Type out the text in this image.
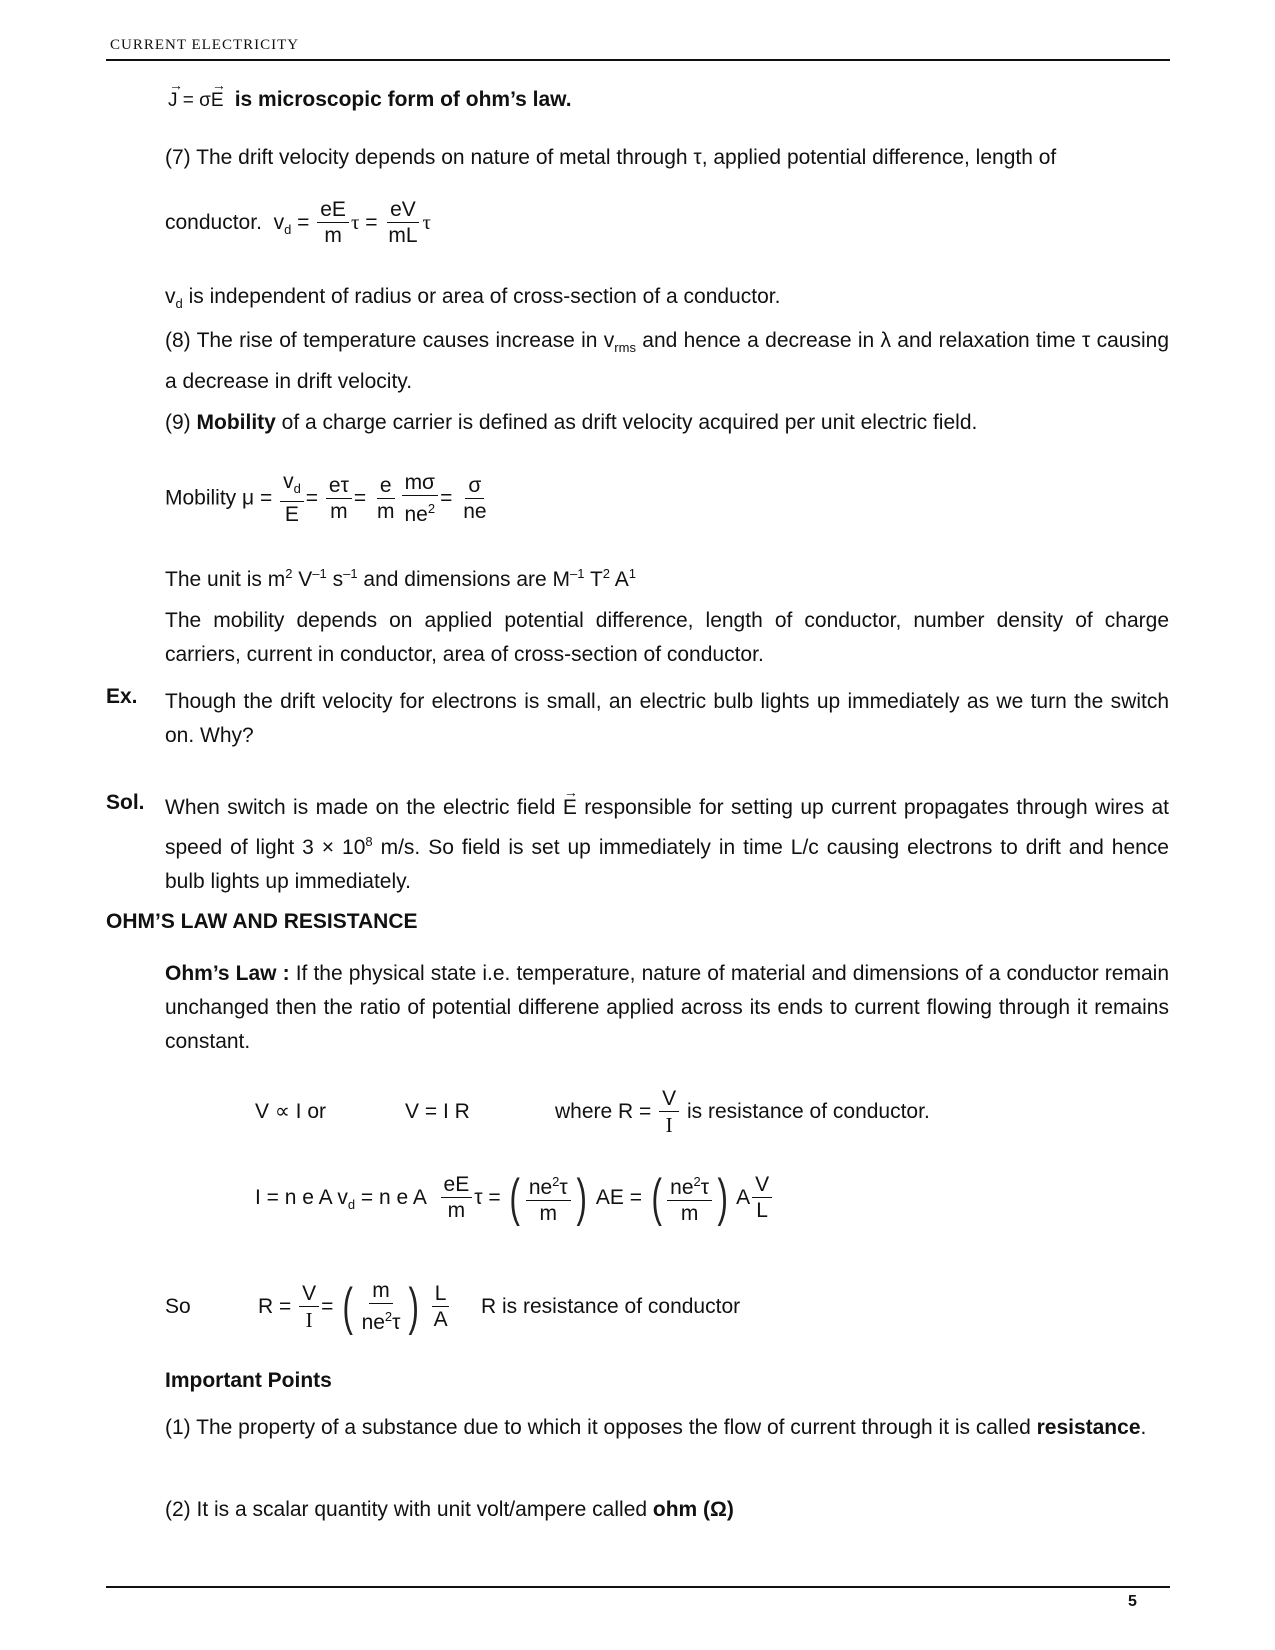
CURRENT ELECTRICITY
→ J = σ→ E is microscopic form of ohm’s law.
(7) The drift velocity depends on nature of metal through τ, applied potential difference, length of
conductor. $v_d = \frac{eE}{m}$ $\tau = \frac{eV}{mL}$ τ
$v_d$ is independent of radius or area of cross-section of a conductor.
(8) The rise of temperature causes increase in $v_{rms}$ and hence a decrease in λ and relaxation time τ causing a decrease in drift velocity.
(9) Mobility of a charge carrier is defined as drift velocity acquired per unit electric field.
Mobility $\mu = \frac{v_d}{E} = \frac{e\tau}{m} = \frac{e}{m} \frac{m\sigma}{ne^2} = \frac{\sigma}{ne}$
The unit is $m^2$ $V^{-1}$ $s^{-1}$ and dimensions are $M^{-1}$ $T^2$ $A^1$
The mobility depends on applied potential difference, length of conductor, number density of charge carriers, current in conductor, area of cross-section of conductor.
Ex. Though the drift velocity for electrons is small, an electric bulb lights up immediately as we turn the switch on. Why?
Sol. When switch is made on the electric field → E responsible for setting up current propagates through wires at speed of light $3 \times 10^8$ m/s. So field is set up immediately in time L/c causing electrons to drift and hence bulb lights up immediately.
OHM’S LAW AND RESISTANCE
Ohm’s Law : If the physical state i.e. temperature, nature of material and dimensions of a conductor remain unchanged then the ratio of potential differene applied across its ends to current flowing through it remains constant.
V ∝ I or	V = I R	where $R = \frac{V}{I}$ is resistance of conductor.
I = n e A $v_d = n$ e A $\frac{eE}{m}$ τ = ( $\frac{ne^2\tau}{m}$ ) AE = ( $\frac{ne^2\tau}{m}$ ) A $\frac{V}{L}$
So	$R = \frac{V}{I}$ = ( $\frac{m}{ne^2\tau}$ )
$\frac{L}{A}$ R is resistance of conductor
Important Points
(1) The property of a substance due to which it opposes the flow of current through it is called resistance.
(2) It is a scalar quantity with unit volt/ampere called ohm (Ω)
5
